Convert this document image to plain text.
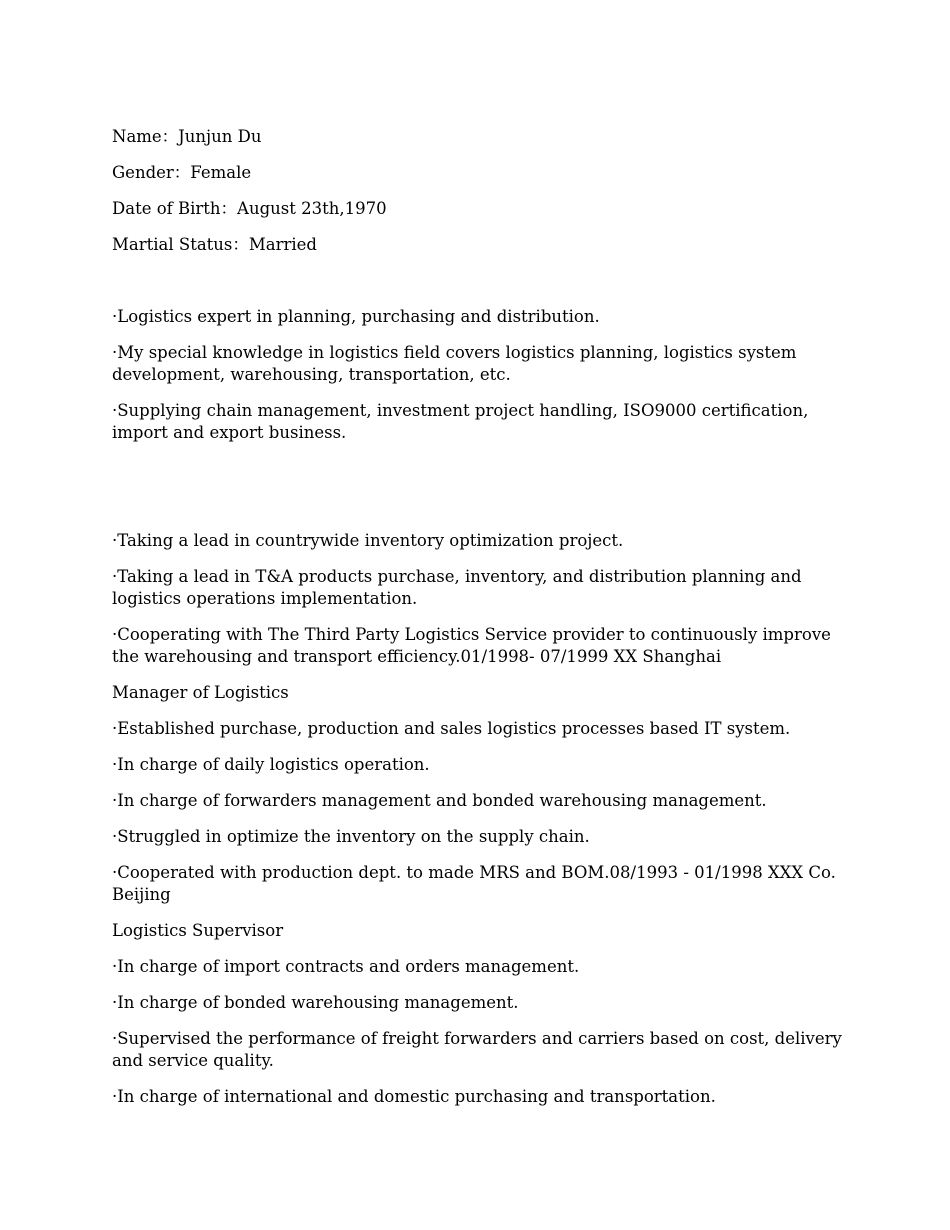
Name：Junjun Du

Gender：Female

Date of Birth：August 23th,1970

Martial Status：Married

·Logistics expert in planning, purchasing and distribution.

·My special knowledge in logistics field covers logistics planning, logistics system development, warehousing, transportation, etc.

·Supplying chain management, investment project handling, ISO9000 certification, import and export business.

·Taking a lead in countrywide inventory optimization project.

·Taking a lead in T&A products purchase, inventory, and distribution planning and logistics operations implementation.

·Cooperating with The Third Party Logistics Service provider to continuously improve the warehousing and transport efficiency.01/1998- 07/1999 XX Shanghai

Manager of Logistics

·Established purchase, production and sales logistics processes based IT system.

·In charge of daily logistics operation.

·In charge of forwarders management and bonded warehousing management.

·Struggled in optimize the inventory on the supply chain.

·Cooperated with production dept. to made MRS and BOM.08/1993 - 01/1998 XXX Co. Beijing

Logistics Supervisor

·In charge of import contracts and orders management.

·In charge of bonded warehousing management.

·Supervised the performance of freight forwarders and carriers based on cost, delivery and service quality.

·In charge of international and domestic purchasing and transportation.
